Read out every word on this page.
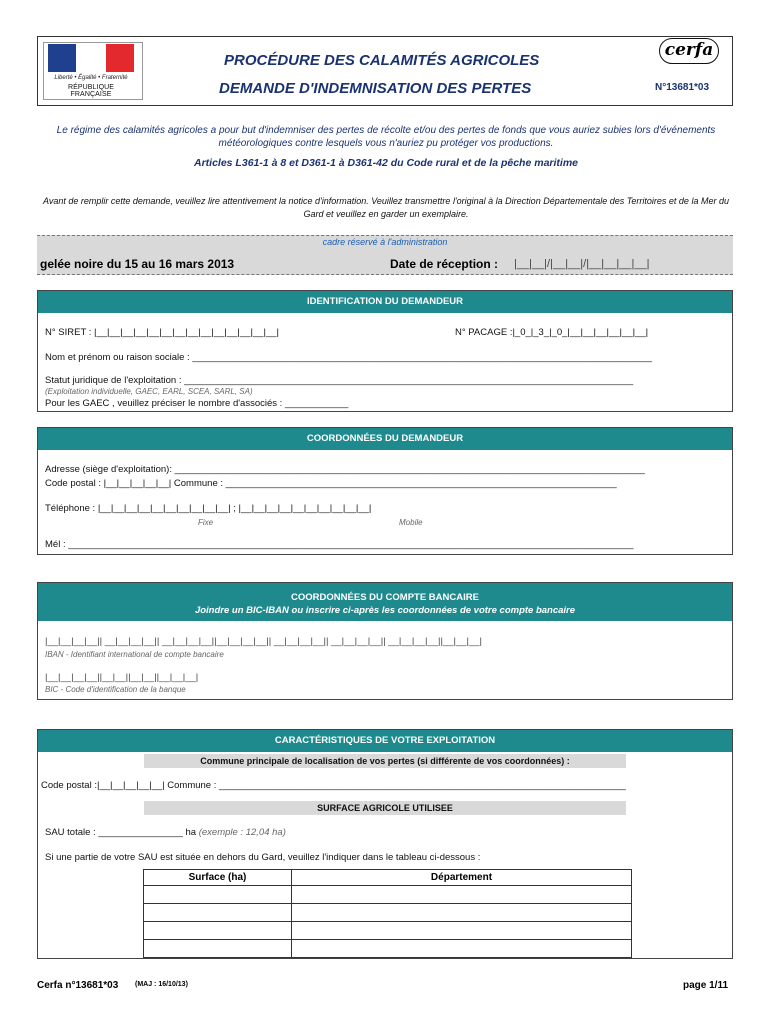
Liberté • Égalité • Fraternité
RÉPUBLIQUE FRANÇAISE
PROCÉDURE DES CALAMITÉS AGRICOLES
DEMANDE D'INDEMNISATION DES PERTES
cerfa
N°13681*03
Le régime des calamités agricoles a pour but d'indemniser des pertes de récolte et/ou des pertes de fonds que vous auriez subies lors d'événements météorologiques contre lesquels vous n'auriez pu protéger vos productions.
Articles L361-1 à 8 et D361-1 à D361-42 du Code rural et de la pêche maritime
Avant de remplir cette demande, veuillez lire attentivement la notice d'information. Veuillez transmettre l'original à la Direction Départementale des Territoires et de la Mer du Gard et veuillez en garder un exemplaire.
cadre réservé à l'administration
gelée noire du 15 au 16 mars 2013	Date de réception : |__|__|/|__|__|/|__|__|__|__|
IDENTIFICATION DU DEMANDEUR
N° SIRET : |__|__|__|__|__|__|__|__|__|__|__|__|__|__|	N° PACAGE :|_0_|_3_|_0_|__|__|__|__|__|__|
Nom et prénom ou raison sociale : _______________________________________________________________________________________
Statut juridique de l'exploitation : _____________________________________________________________________________________
(Exploitation individuelle, GAEC, EARL, SCEA, SARL, SA)
Pour les GAEC , veuillez préciser le nombre d'associés : ____________
COORDONNÉES DU DEMANDEUR
Adresse (siège d'exploitation): _________________________________________________________________________________________
Code postal : |__|__|__|__|__| Commune : __________________________________________________________________________
Téléphone : |__|__|__|__|__|__|__|__|__|__| ; |__|__|__|__|__|__|__|__|__|__|
Fixe	Mobile
Mél : ___________________________________________________________________________________________________________
COORDONNÉES DU COMPTE BANCAIRE
Joindre un BIC-IBAN ou inscrire ci-après les coordonnées de votre compte bancaire
|__|__|__|__|| __|__|__|__|| __|__|__|__||__|__|__|__|| __|__|__|__|| __|__|__|__|| __|__|__|__||__|__|__|
IBAN - Identifiant international de compte bancaire
|__|__|__|__||__|__||__|__||__|__|__|
BIC - Code d'identification de la banque
CARACTÉRISTIQUES DE VOTRE EXPLOITATION
Commune principale de localisation de vos pertes (si différente de vos coordonnées) :
Code postal :|__|__|__|__|__| Commune : _____________________________________________________________________________
SURFACE AGRICOLE UTILISEE
SAU totale : ________________ ha (exemple : 12,04 ha)
Si une partie de votre SAU est située en dehors du Gard, veuillez l'indiquer dans le tableau ci-dessous :
Surface (ha)	Département

Cerfa n°13681*03 (MAJ : 16/10/13)	page 1/11
